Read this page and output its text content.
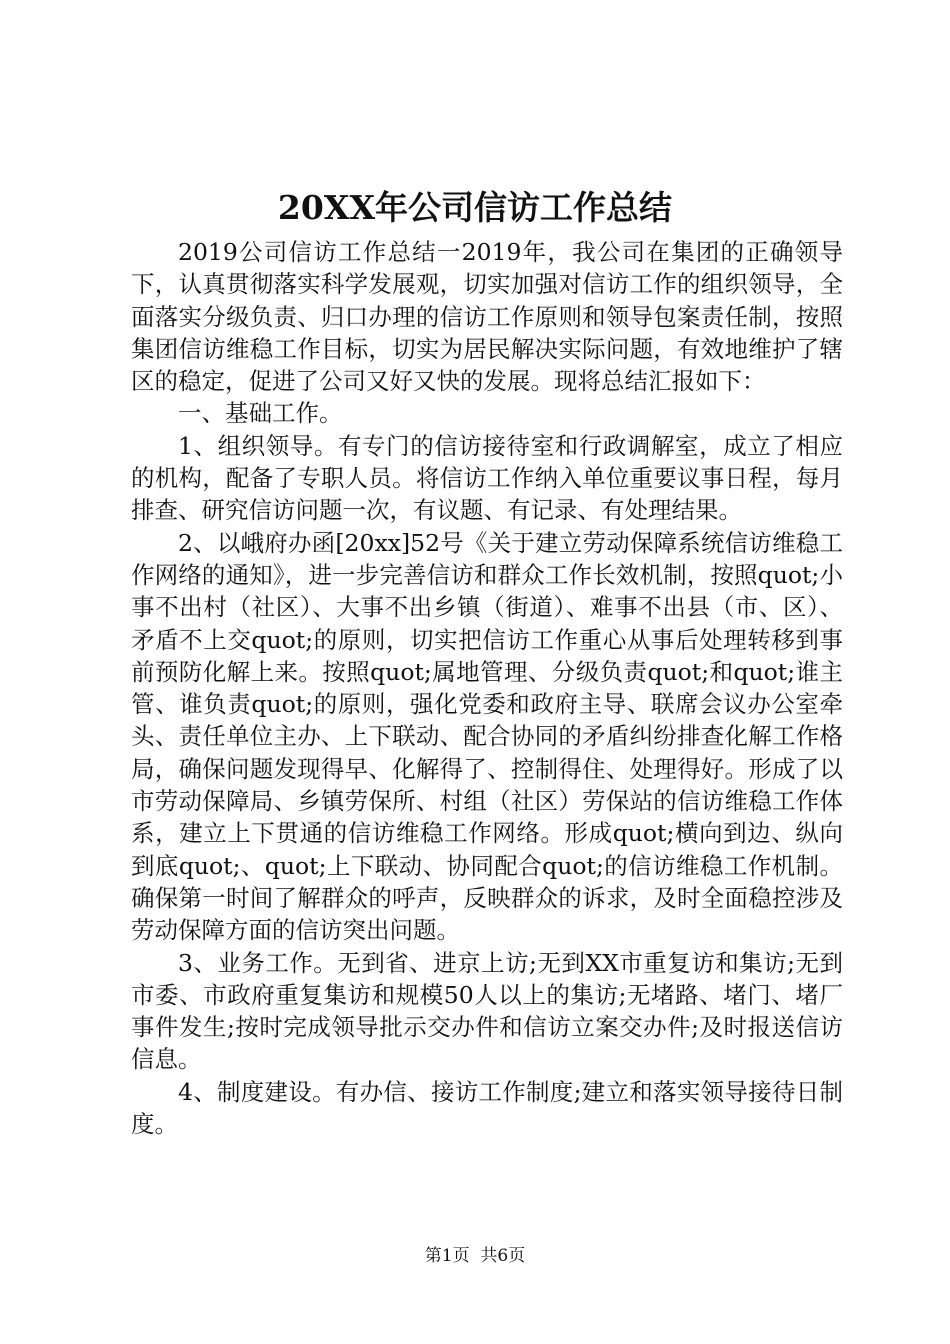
20XX年公司信访工作总结

2019公司信访工作总结一2019年，我公司在集团的正确领导下，认真贯彻落实科学发展观，切实加强对信访工作的组织领导，全面落实分级负责、归口办理的信访工作原则和领导包案责任制，按照集团信访维稳工作目标，切实为居民解决实际问题，有效地维护了辖区的稳定，促进了公司又好又快的发展。现将总结汇报如下：

一、基础工作。

1、组织领导。有专门的信访接待室和行政调解室，成立了相应的机构，配备了专职人员。将信访工作纳入单位重要议事日程，每月排查、研究信访问题一次，有议题、有记录、有处理结果。

2、以峨府办函[20xx]52号《关于建立劳动保障系统信访维稳工作网络的通知》，进一步完善信访和群众工作长效机制，按照quot;小事不出村（社区）、大事不出乡镇（街道）、难事不出县（市、区）、矛盾不上交quot;的原则，切实把信访工作重心从事后处理转移到事前预防化解上来。按照quot;属地管理、分级负责quot;和quot;谁主管、谁负责quot;的原则，强化党委和政府主导、联席会议办公室牵头、责任单位主办、上下联动、配合协同的矛盾纠纷排查化解工作格局，确保问题发现得早、化解得了、控制得住、处理得好。形成了以市劳动保障局、乡镇劳保所、村组（社区）劳保站的信访维稳工作体系，建立上下贯通的信访维稳工作网络。形成quot;横向到边、纵向到底quot;、quot;上下联动、协同配合quot;的信访维稳工作机制。确保第一时间了解群众的呼声，反映群众的诉求，及时全面稳控涉及劳动保障方面的信访突出问题。

3、业务工作。无到省、进京上访;无到XX市重复访和集访;无到市委、市政府重复集访和规模50人以上的集访;无堵路、堵门、堵厂事件发生;按时完成领导批示交办件和信访立案交办件;及时报送信访信息。

4、制度建设。有办信、接访工作制度;建立和落实领导接待日制度。

第1页  共6页
